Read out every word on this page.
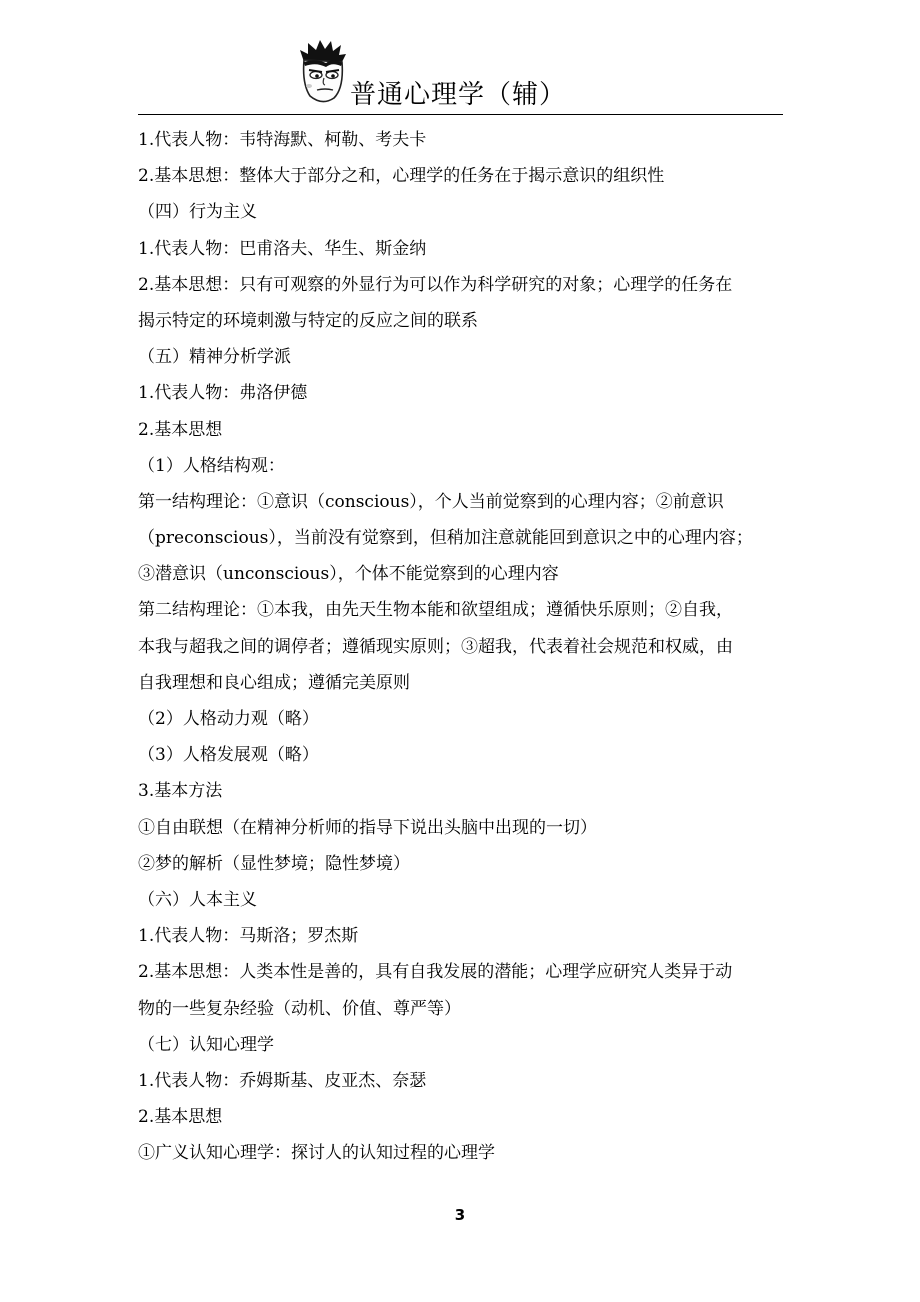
普通心理学（辅）
1.代表人物：韦特海默、柯勒、考夫卡
2.基本思想：整体大于部分之和，心理学的任务在于揭示意识的组织性
（四）行为主义
1.代表人物：巴甫洛夫、华生、斯金纳
2.基本思想：只有可观察的外显行为可以作为科学研究的对象；心理学的任务在
揭示特定的环境刺激与特定的反应之间的联系
（五）精神分析学派
1.代表人物：弗洛伊德
2.基本思想
（1）人格结构观：
第一结构理论：①意识（conscious），个人当前觉察到的心理内容；②前意识
（preconscious），当前没有觉察到，但稍加注意就能回到意识之中的心理内容；
③潜意识（unconscious），个体不能觉察到的心理内容
第二结构理论：①本我，由先天生物本能和欲望组成；遵循快乐原则；②自我，
本我与超我之间的调停者；遵循现实原则；③超我，代表着社会规范和权威，由
自我理想和良心组成；遵循完美原则
（2）人格动力观（略）
（3）人格发展观（略）
3.基本方法
①自由联想（在精神分析师的指导下说出头脑中出现的一切）
②梦的解析（显性梦境；隐性梦境）
（六）人本主义
1.代表人物：马斯洛；罗杰斯
2.基本思想：人类本性是善的，具有自我发展的潜能；心理学应研究人类异于动
物的一些复杂经验（动机、价值、尊严等）
（七）认知心理学
1.代表人物：乔姆斯基、皮亚杰、奈瑟
2.基本思想
①广义认知心理学：探讨人的认知过程的心理学
3
